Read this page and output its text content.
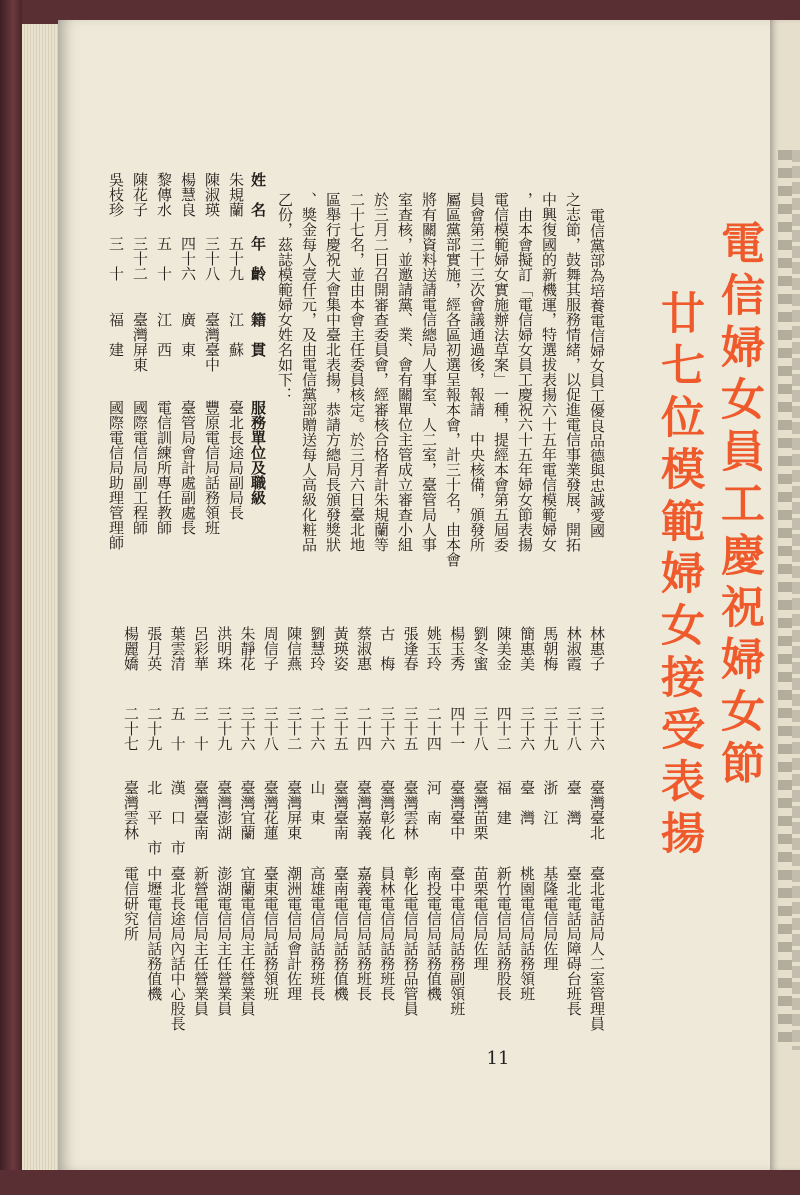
電信婦女員工慶祝婦女節
廿七位模範婦女接受表揚
電信黨部為培養電信婦女員工優良品德與忠誠愛國
之志節，鼓舞其服務情緒，以促進電信事業發展，開拓
中興復國的新機運，特選拔表揚六十五年電信模範婦女
，由本會擬訂「電信婦女員工慶祝六十五年婦女節表揚
電信模範婦女實施辦法草案」一種，提經本會第五屆委
員會第三十三次會議通過後，報請　中央核備，頒發所
屬區黨部實施，經各區初選呈報本會，計三十名，由本會
將有關資料送請電信總局人事室、人二室，臺管局人事
室查核，並邀請黨、業、會有關單位主管成立審查小組
於三月二日召開審查委員會，經審核合格者計朱規蘭等
二十七名，並由本會主任委員核定。於三月六日臺北地
區舉行慶祝大會集中臺北表揚，恭請方總局長頒發獎狀
、獎金每人壹仟元，及由電信黨部贈送每人高級化粧品
乙份，茲誌模範婦女姓名如下：
姓　名
年　齡
籍　貫
服務單位及職級
朱規蘭
五十九
江　蘇
臺北長途局副局長
陳淑瑛
三十八
臺灣臺中
豐原電信局話務領班
楊慧良
四十六
廣　東
臺管局會計處副處長
黎傳水
五　十
江　西
電信訓練所專任教師
陳花子
三十二
臺灣屏東
國際電信局副工程師
吳枝珍
三　十
福　建
國際電信局助理管理師
林惠子
三十六
臺灣臺北
臺北電話局人二室管理員
林淑霞
三十八
臺　灣
臺北電話局障碍台班長
馬朝梅
三十九
浙　江
基隆電信局佐理
簡惠美
三十六
臺　灣
桃園電信局話務領班
陳美金
四十二
福　建
新竹電信局話務股長
劉冬蜜
三十八
臺灣苗栗
苗栗電信局佐理
楊玉秀
四十一
臺灣臺中
臺中電信局話務副領班
姚玉玲
二十四
河　南
南投電信局話務值機
張逢春
三十五
臺灣雲林
彰化電信局話務品管員
古　梅
三十六
臺灣彰化
員林電信局話務班長
蔡淑惠
二十四
臺灣嘉義
嘉義電信局話務班長
黃瑛姿
三十五
臺灣臺南
臺南電信局話務值機
劉慧玲
二十六
山　東
高雄電信局話務班長
陳信燕
三十二
臺灣屏東
潮洲電信局會計佐理
周信子
三十八
臺灣花蓮
臺東電信局話務領班
朱靜花
三十六
臺灣宜蘭
宜蘭電信局主任營業員
洪明珠
三十九
臺灣澎湖
澎湖電信局主任營業員
呂彩華
三　十
臺灣臺南
新營電信局主任營業員
葉雲清
五　十
漢　口　市
臺北長途局內話中心股長
張月英
二十九
北　平　市
中壢電信局話務值機
楊麗嬌
二十七
臺灣雲林
電信研究所
11
